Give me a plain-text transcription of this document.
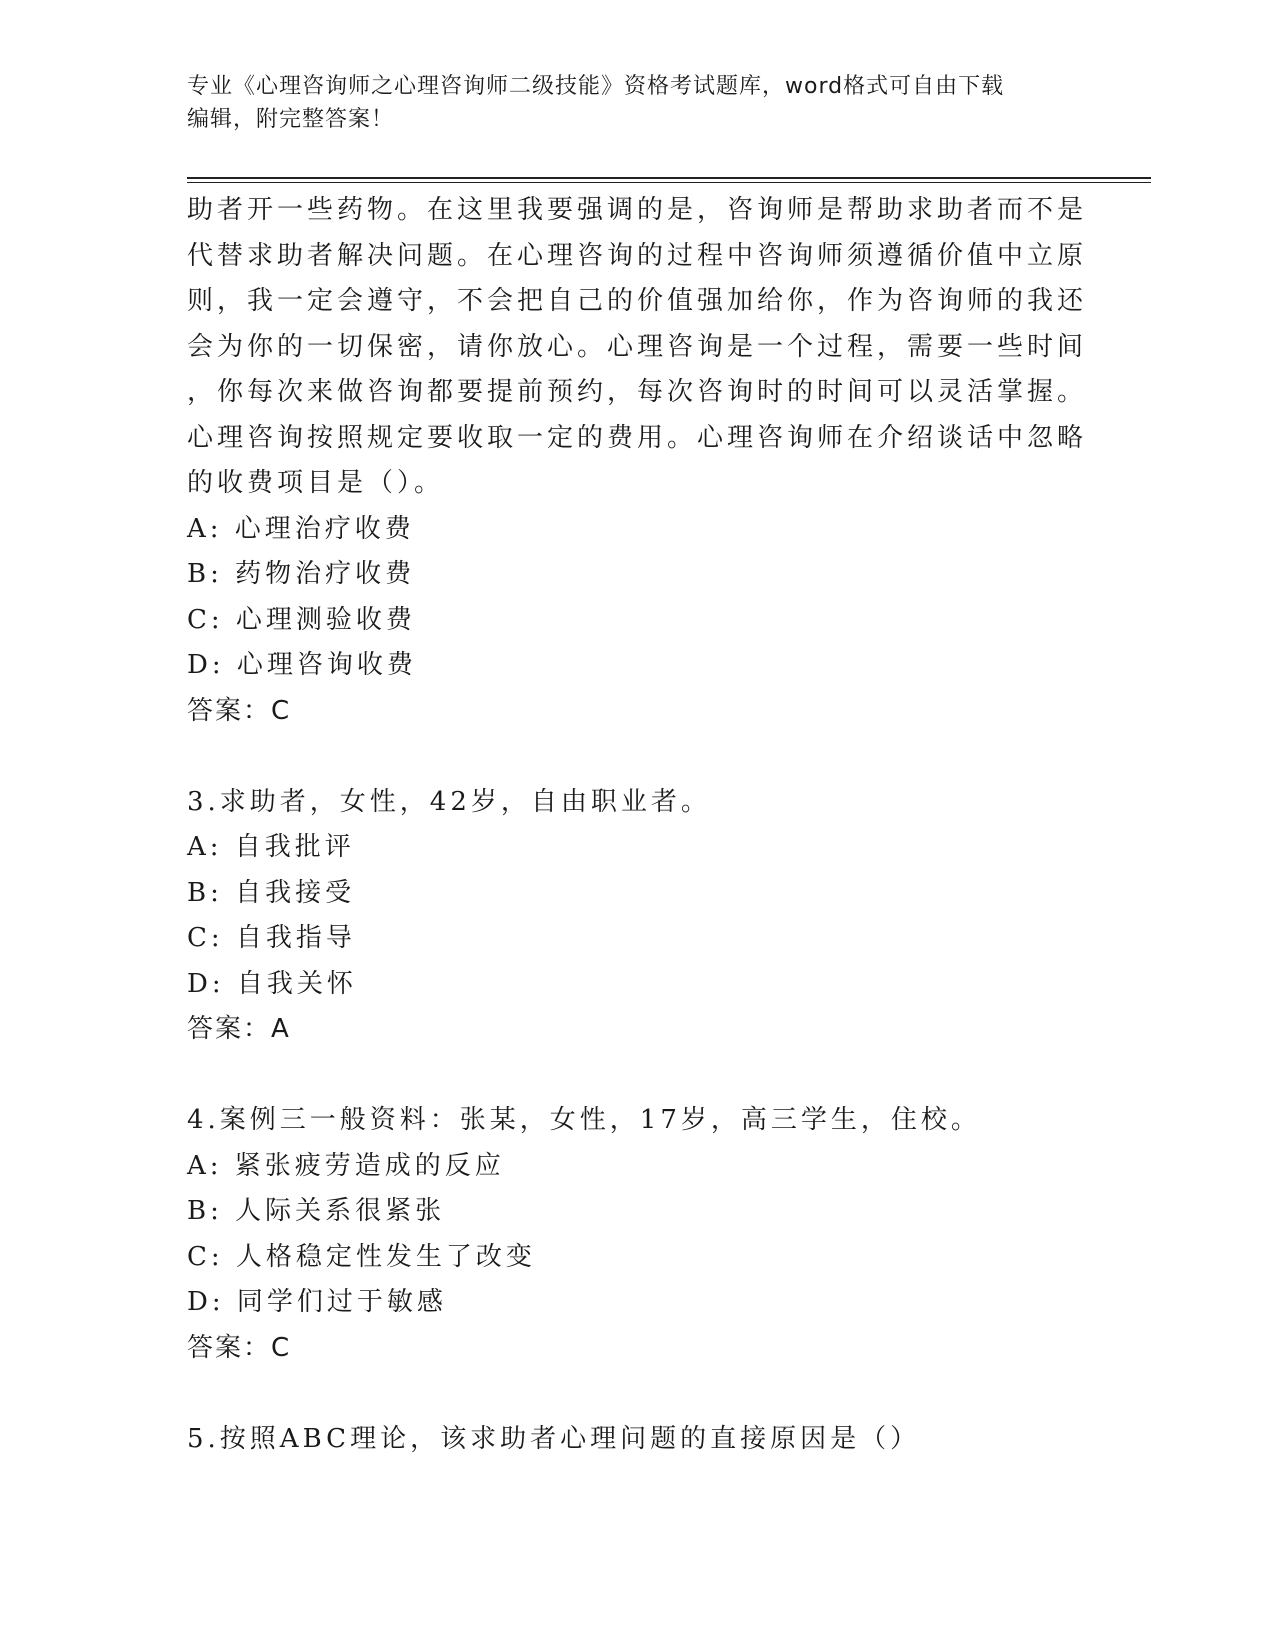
专业《心理咨询师之心理咨询师二级技能》资格考试题库，word格式可自由下载
编辑，附完整答案！
助者开一些药物。在这里我要强调的是，咨询师是帮助求助者而不是
代替求助者解决问题。在心理咨询的过程中咨询师须遵循价值中立原
则，我一定会遵守，不会把自己的价值强加给你，作为咨询师的我还
会为你的一切保密，请你放心。心理咨询是一个过程，需要一些时间
，你每次来做咨询都要提前预约，每次咨询时的时间可以灵活掌握。
心理咨询按照规定要收取一定的费用。心理咨询师在介绍谈话中忽略
的收费项目是（）。
A: 心理治疗收费
B: 药物治疗收费
C: 心理测验收费
D: 心理咨询收费
答案：C
3.求助者，女性，42岁，自由职业者。
A: 自我批评
B: 自我接受
C: 自我指导
D: 自我关怀
答案：A
4.案例三一般资料：张某，女性，17岁，高三学生，住校。
A: 紧张疲劳造成的反应
B: 人际关系很紧张
C: 人格稳定性发生了改变
D: 同学们过于敏感
答案：C
5.按照ABC理论，该求助者心理问题的直接原因是（）
